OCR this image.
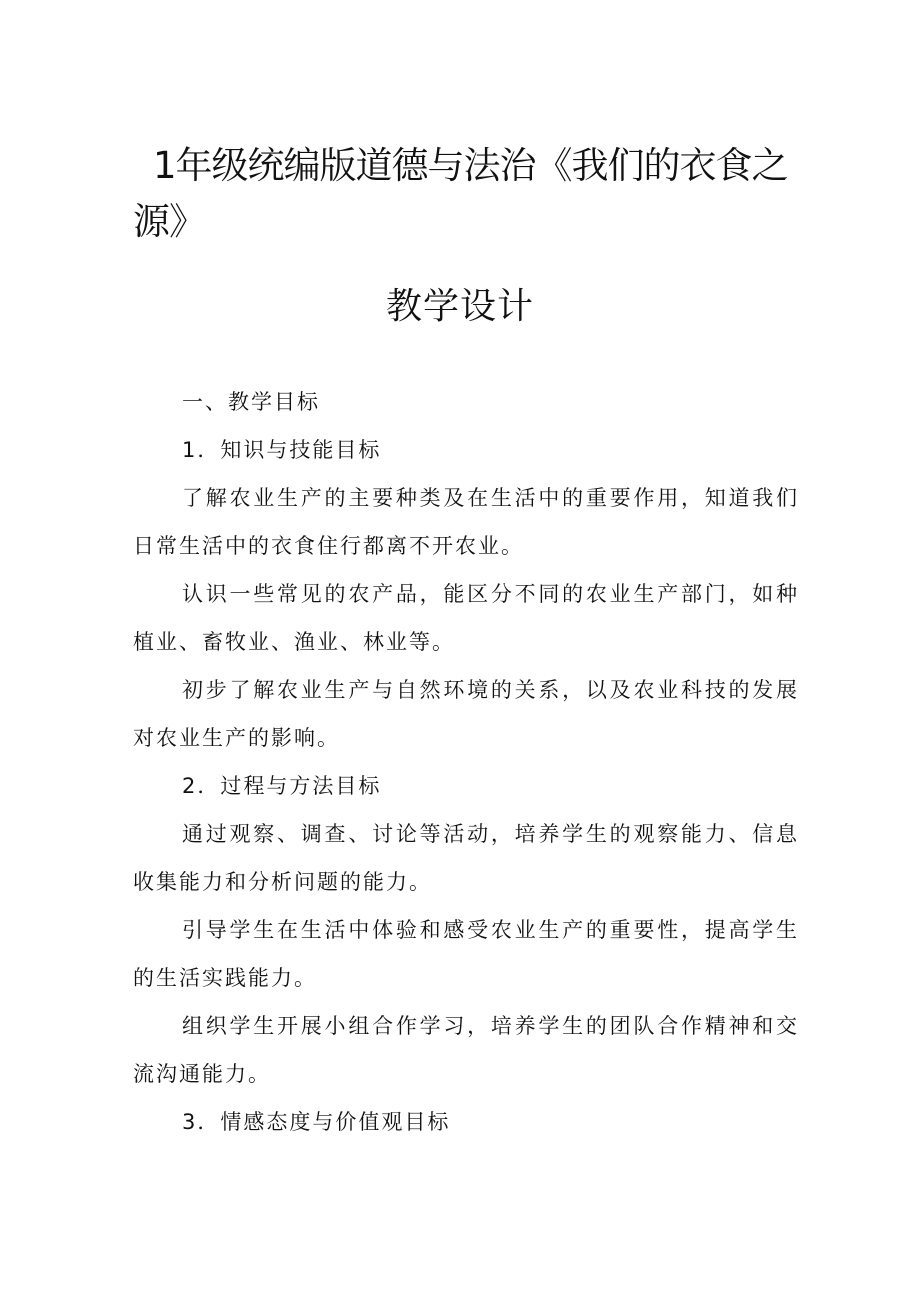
1年级统编版道德与法治《我们的衣食之源》
教学设计

一、教学目标

1．知识与技能目标

了解农业生产的主要种类及在生活中的重要作用，知道我们日常生活中的衣食住行都离不开农业。

认识一些常见的农产品，能区分不同的农业生产部门，如种植业、畜牧业、渔业、林业等。

初步了解农业生产与自然环境的关系，以及农业科技的发展对农业生产的影响。

2．过程与方法目标

通过观察、调查、讨论等活动，培养学生的观察能力、信息收集能力和分析问题的能力。

引导学生在生活中体验和感受农业生产的重要性，提高学生的生活实践能力。

组织学生开展小组合作学习，培养学生的团队合作精神和交流沟通能力。

3．情感态度与价值观目标
